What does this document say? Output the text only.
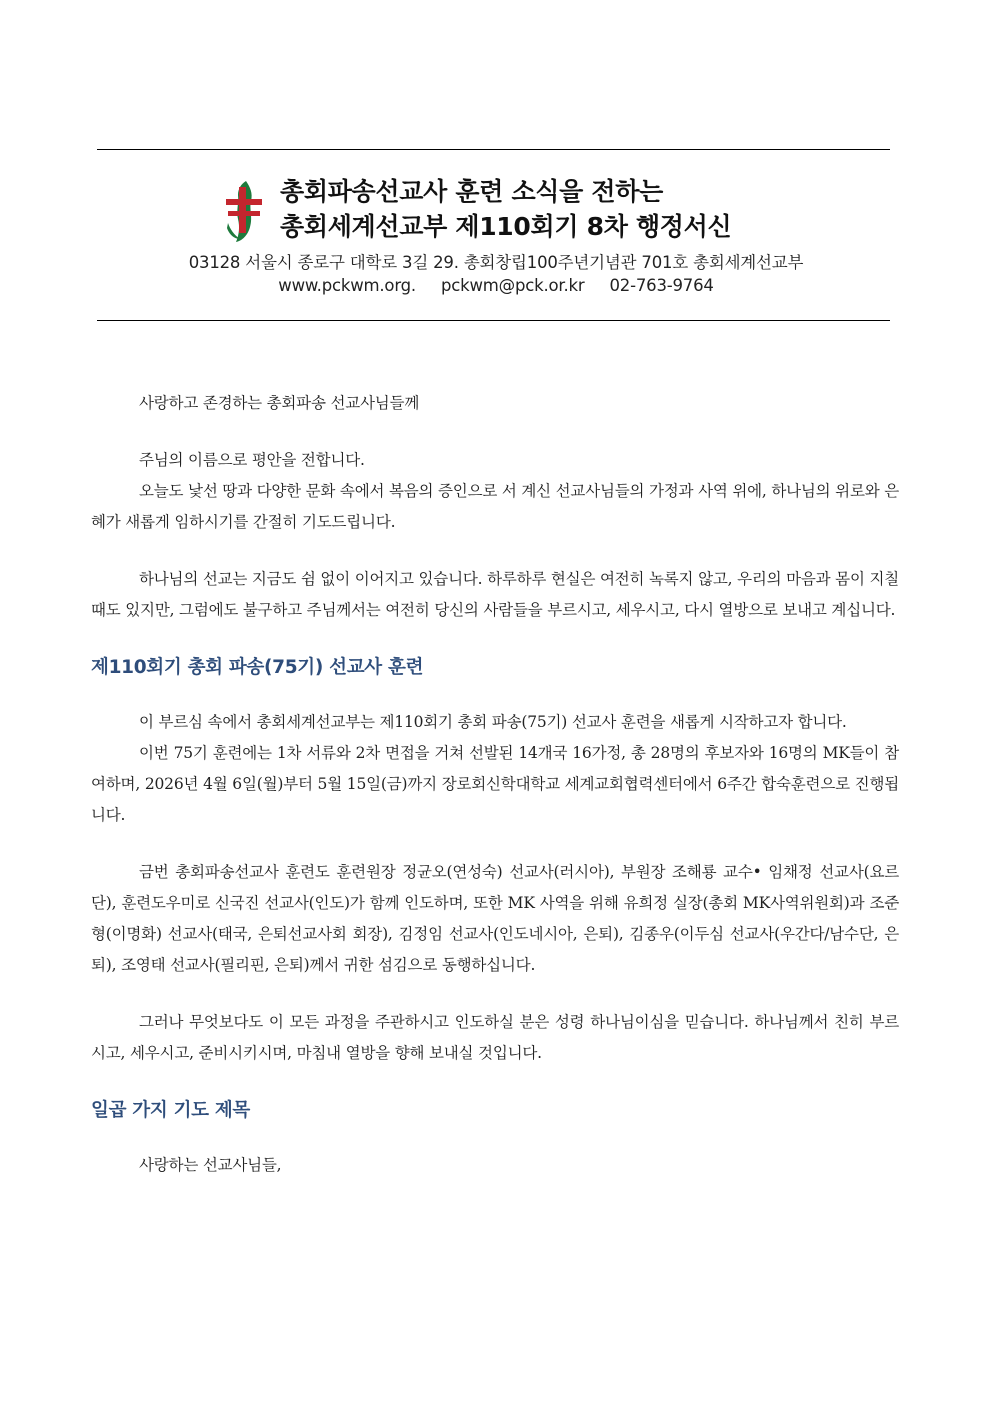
총회파송선교사 훈련 소식을 전하는
총회세계선교부 제110회기 8차 행정서신
03128 서울시 종로구 대학로 3길 29. 총회창립100주년기념관 701호 총회세계선교부
www.pckwm.org. pckwm@pck.or.kr 02-763-9764

사랑하고 존경하는 총회파송 선교사님들께

주님의 이름으로 평안을 전합니다.

오늘도 낯선 땅과 다양한 문화 속에서 복음의 증인으로 서 계신 선교사님들의 가정과 사역 위에, 하나님의 위로와 은혜가 새롭게 임하시기를 간절히 기도드립니다.

하나님의 선교는 지금도 쉼 없이 이어지고 있습니다. 하루하루 현실은 여전히 녹록지 않고, 우리의 마음과 몸이 지칠 때도 있지만, 그럼에도 불구하고 주님께서는 여전히 당신의 사람들을 부르시고, 세우시고, 다시 열방으로 보내고 계십니다.

제110회기 총회 파송(75기) 선교사 훈련

이 부르심 속에서 총회세계선교부는 제110회기 총회 파송(75기) 선교사 훈련을 새롭게 시작하고자 합니다.

이번 75기 훈련에는 1차 서류와 2차 면접을 거쳐 선발된 14개국 16가정, 총 28명의 후보자와 16명의 MK들이 참여하며, 2026년 4월 6일(월)부터 5월 15일(금)까지 장로회신학대학교 세계교회협력센터에서 6주간 합숙훈련으로 진행됩니다.

금번 총회파송선교사 훈련도 훈련원장 정균오(연성숙) 선교사(러시아), 부원장 조해룡 교수• 임채정 선교사(요르단), 훈련도우미로 신국진 선교사(인도)가 함께 인도하며, 또한 MK 사역을 위해 유희정 실장(총회 MK사역위원회)과 조준형(이명화) 선교사(태국, 은퇴선교사회 회장), 김정임 선교사(인도네시아, 은퇴), 김종우(이두심 선교사(우간다/남수단, 은퇴), 조영태 선교사(필리핀, 은퇴)께서 귀한 섬김으로 동행하십니다.

그러나 무엇보다도 이 모든 과정을 주관하시고 인도하실 분은 성령 하나님이심을 믿습니다. 하나님께서 친히 부르시고, 세우시고, 준비시키시며, 마침내 열방을 향해 보내실 것입니다.

일곱 가지 기도 제목

사랑하는 선교사님들,
